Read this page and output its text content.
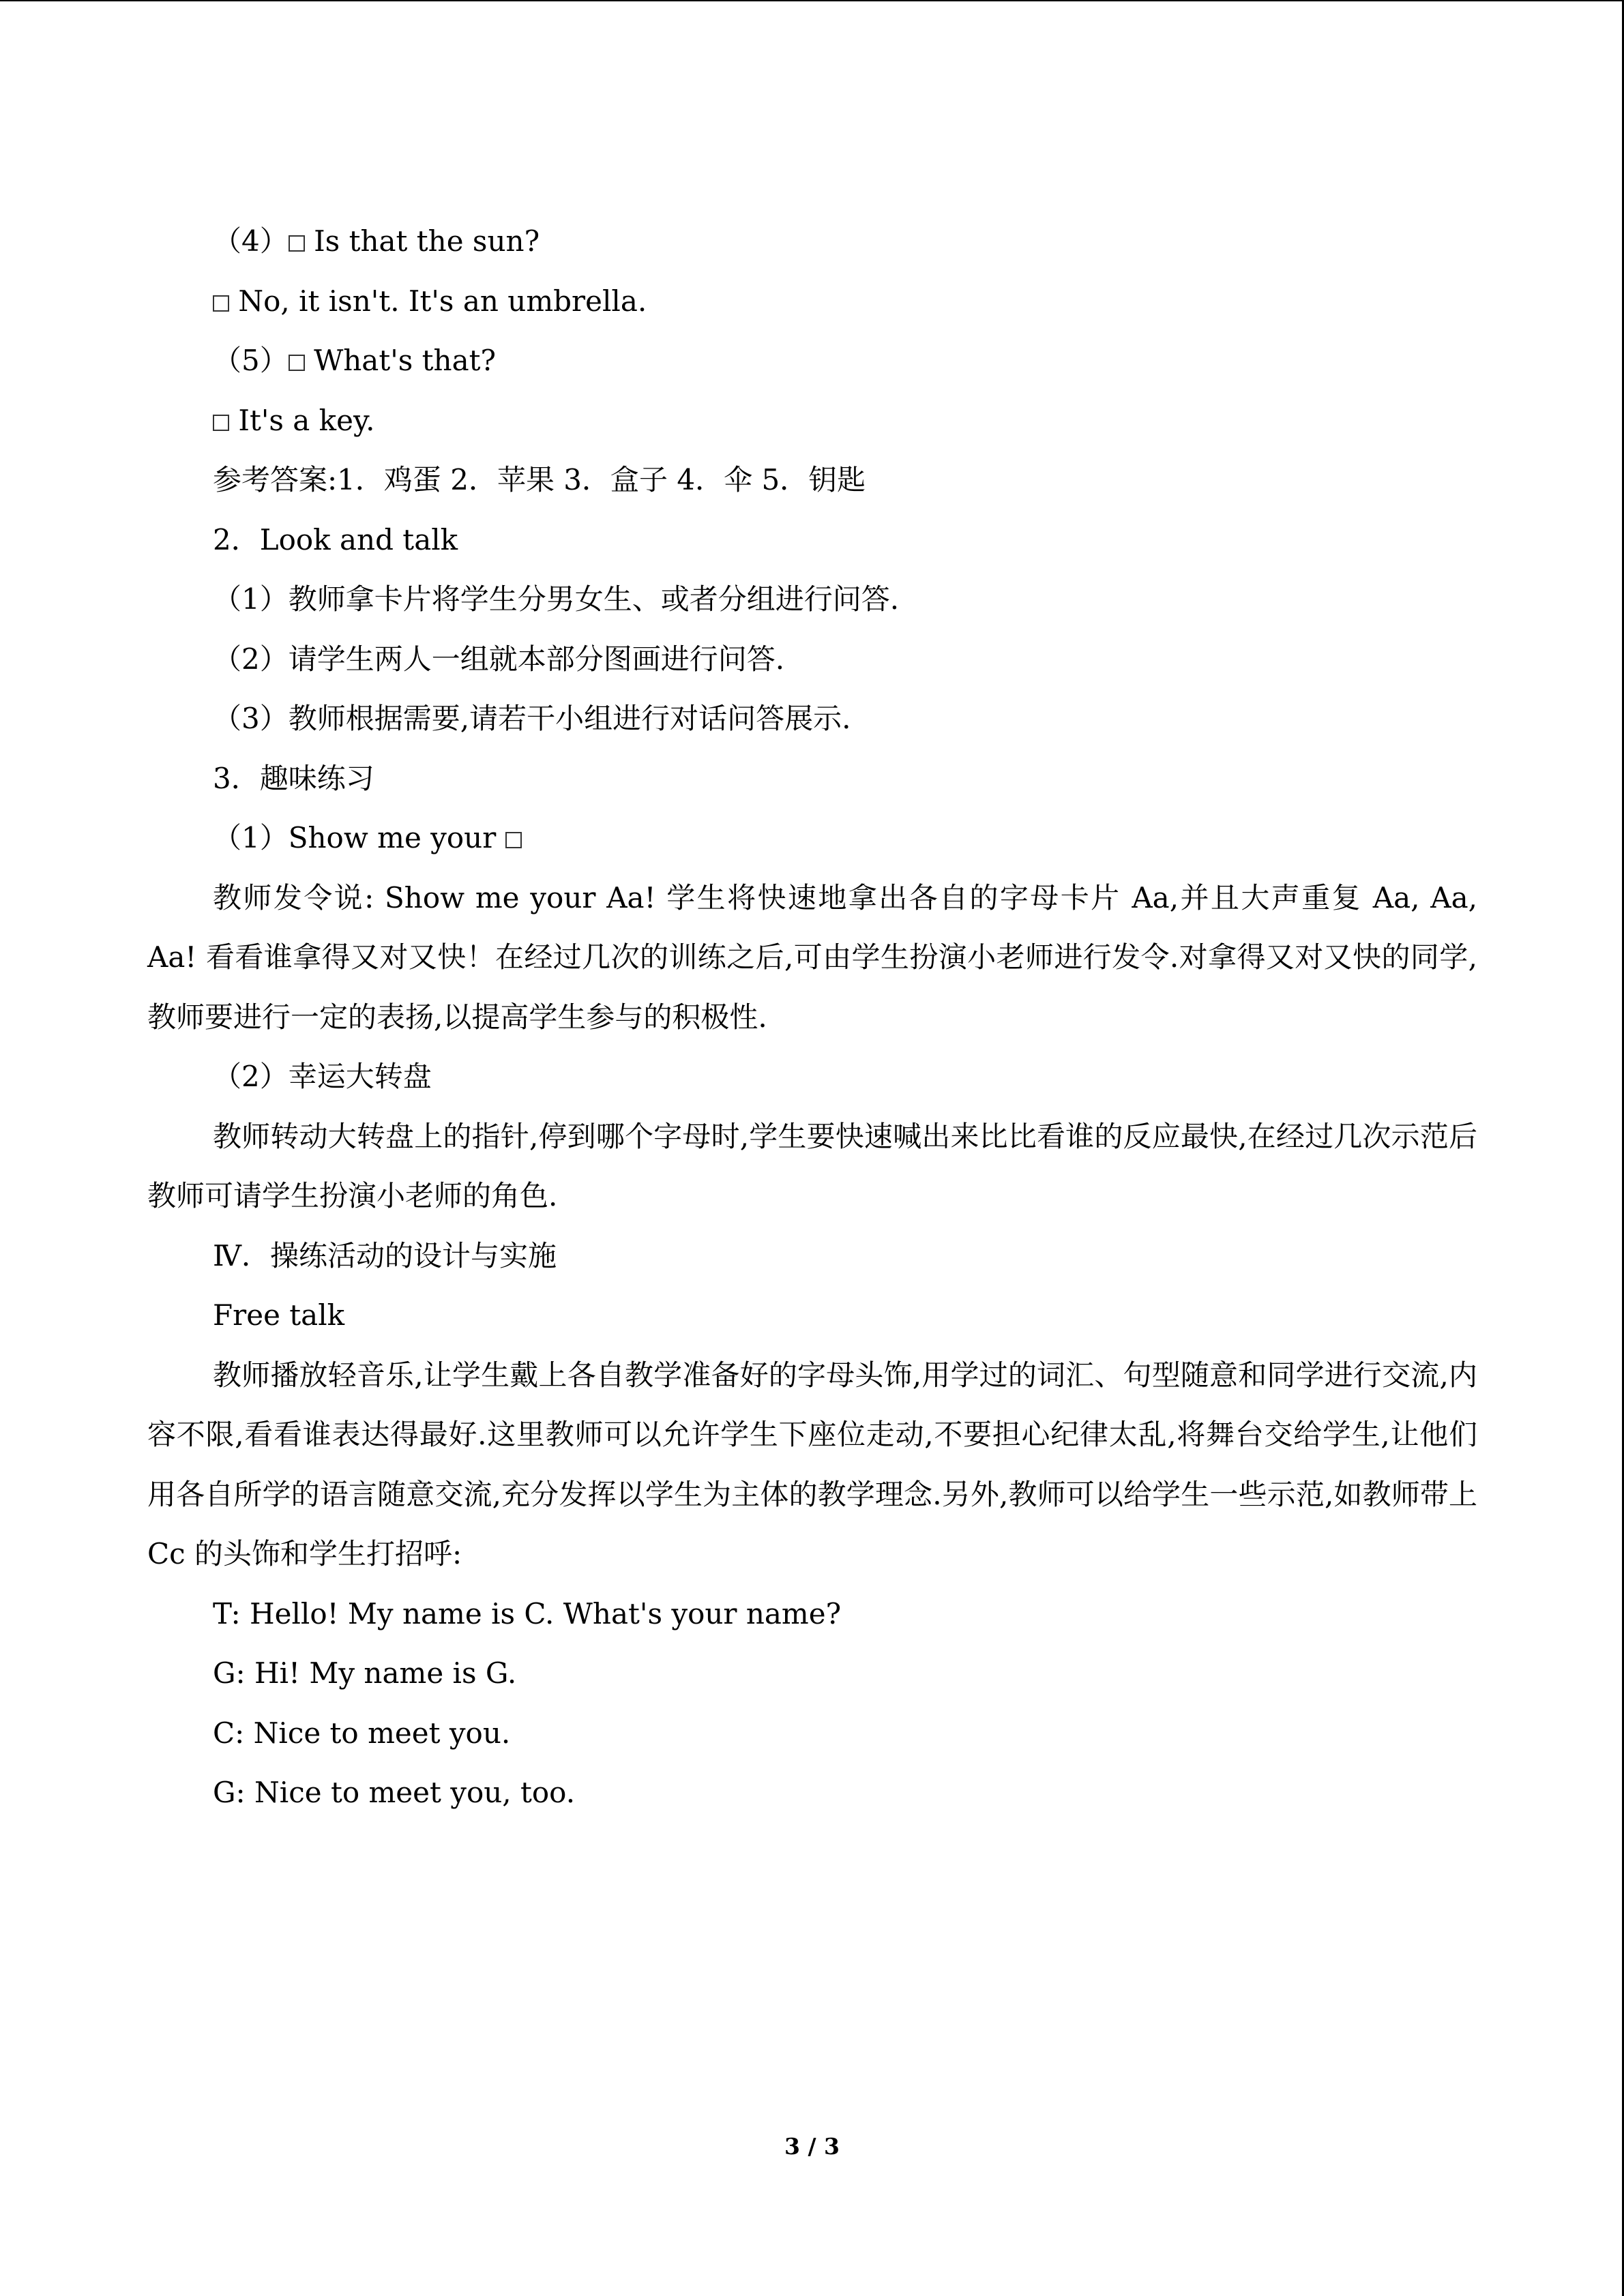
（4） Is that the sun?
No, it isn't. It's an umbrella.
（5） What's that?
It's a key.
参考答案:1．鸡蛋 2．苹果 3．盒子 4．伞 5．钥匙
2．Look and talk
（1）教师拿卡片将学生分男女生、或者分组进行问答.
（2）请学生两人一组就本部分图画进行问答.
（3）教师根据需要,请若干小组进行对话问答展示.
3．趣味练习
（1）Show me your
教师发令说: Show me your Aa! 学生将快速地拿出各自的字母卡片 Aa,并且大声重复 Aa, Aa, Aa! 看看谁拿得又对又快！在经过几次的训练之后,可由学生扮演小老师进行发令.对拿得又对又快的同学,教师要进行一定的表扬,以提高学生参与的积极性.
（2）幸运大转盘
教师转动大转盘上的指针,停到哪个字母时,学生要快速喊出来比比看谁的反应最快,在经过几次示范后教师可请学生扮演小老师的角色.
Ⅳ．操练活动的设计与实施
Free talk
教师播放轻音乐,让学生戴上各自教学准备好的字母头饰,用学过的词汇、句型随意和同学进行交流,内容不限,看看谁表达得最好.这里教师可以允许学生下座位走动,不要担心纪律太乱,将舞台交给学生,让他们用各自所学的语言随意交流,充分发挥以学生为主体的教学理念.另外,教师可以给学生一些示范,如教师带上 Cc 的头饰和学生打招呼:
T: Hello! My name is C. What's your name?
G: Hi! My name is G.
C: Nice to meet you.
G: Nice to meet you, too.
3 / 3
